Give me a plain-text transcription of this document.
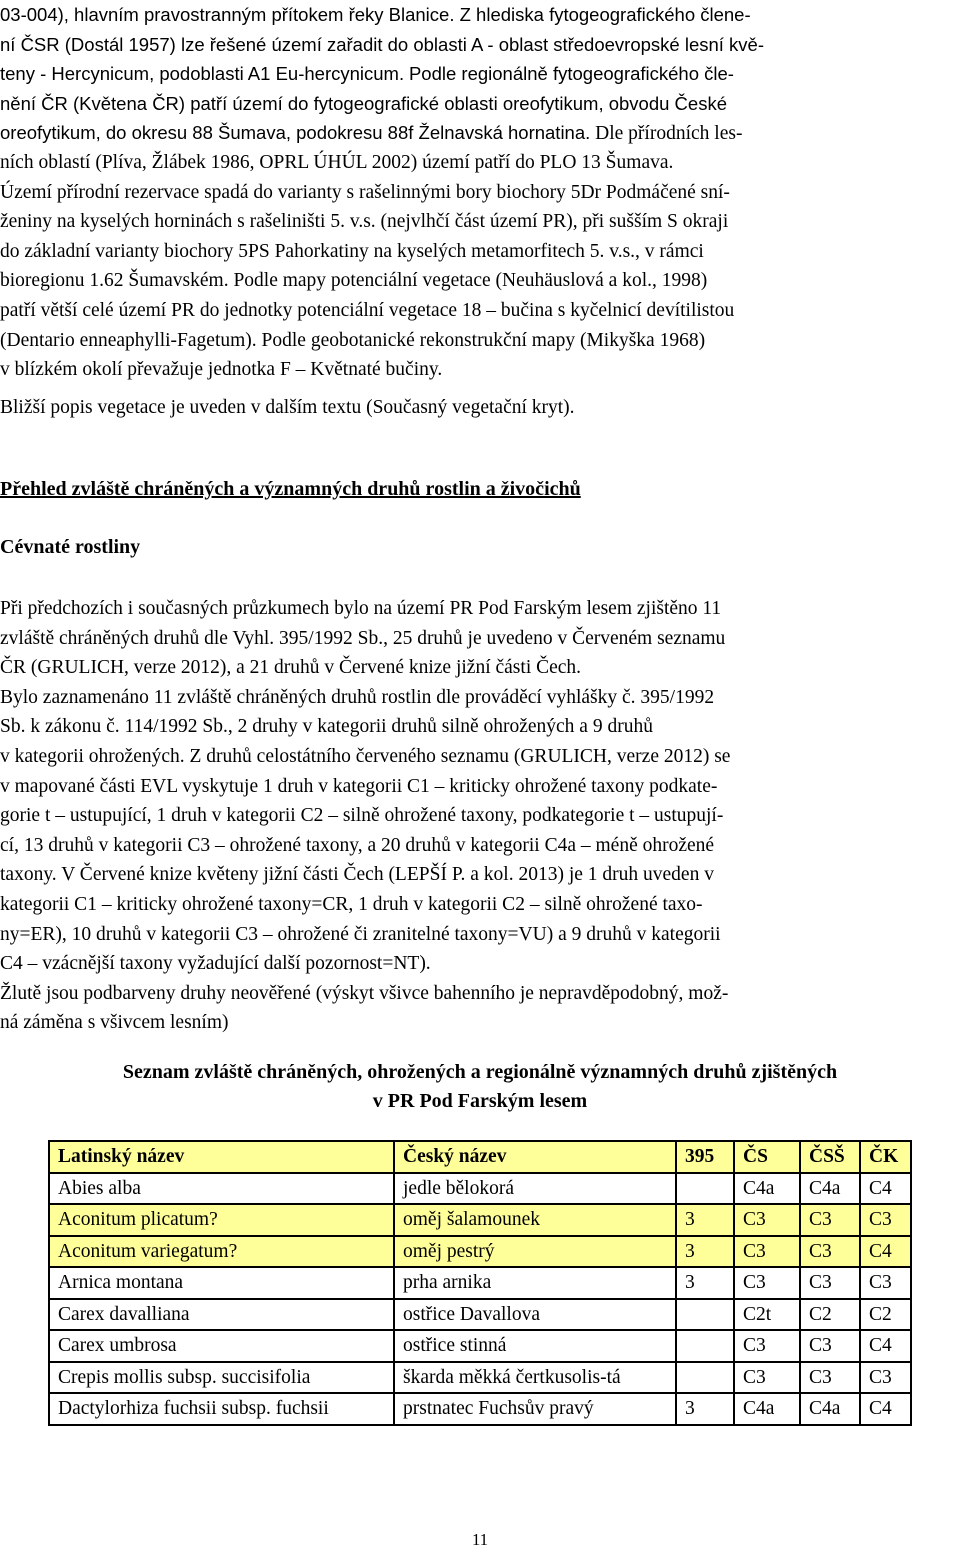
03-004), hlavním pravostranným přítokem řeky Blanice. Z hlediska fytogeografického člene-
ní ČSR (Dostál 1957) lze řešené území zařadit do oblasti A - oblast středoevropské lesní kvě-
teny - Hercynicum, podoblasti A1 Eu-hercynicum. Podle regionálně fytogeografického čle-
nění ČR (Květena ČR) patří území do fytogeografické oblasti oreofytikum, obvodu České
oreofytikum, do okresu 88 Šumava, podokresu 88f Želnavská hornatina. Dle přírodních les-
ních oblastí (Plíva, Žlábek 1986, OPRL ÚHÚL 2002) území patří do PLO 13 Šumava.
Území přírodní rezervace spadá do varianty s rašelinnými bory biochory 5Dr Podmáčené sní-
ženiny na kyselých horninách s rašeliništi 5. v.s. (nejvlhčí část území PR), při sušším S okraji
do základní varianty biochory 5PS Pahorkatiny na kyselých metamorfitech 5. v.s., v rámci
bioregionu 1.62 Šumavském. Podle mapy potenciální vegetace (Neuhäuslová a kol., 1998)
patří větší celé území PR do jednotky potenciální vegetace 18 – bučina s kyčelnicí devítilistou
(Dentario enneaphylli-Fagetum). Podle geobotanické rekonstrukční mapy (Mikyška 1968)
v blízkém okolí převažuje jednotka F – Květnaté bučiny.
Bližší popis vegetace je uveden v dalším textu (Současný vegetační kryt).
Přehled zvláště chráněných a významných druhů rostlin a živočichů
Cévnaté rostliny
Při předchozích i současných průzkumech bylo na území PR Pod Farským lesem zjištěno 11
zvláště chráněných druhů dle Vyhl. 395/1992 Sb., 25 druhů je uvedeno v Červeném seznamu
ČR (GRULICH, verze 2012), a 21 druhů v Červené knize jižní části Čech.
Bylo zaznamenáno 11 zvláště chráněných druhů rostlin dle prováděcí vyhlášky č. 395/1992
Sb. k zákonu č. 114/1992 Sb., 2 druhy v kategorii druhů silně ohrožených a 9 druhů
v kategorii ohrožených. Z druhů celostátního červeného seznamu (GRULICH, verze 2012) se
v mapované části EVL vyskytuje 1 druh v kategorii C1 – kriticky ohrožené taxony podkate-
gorie t – ustupující, 1 druh v kategorii C2 – silně ohrožené taxony, podkategorie t – ustupují-
cí, 13 druhů v kategorii C3 – ohrožené taxony, a 20 druhů v kategorii C4a – méně ohrožené
taxony. V Červené knize květeny jižní části Čech (LEPŠÍ P. a kol. 2013) je 1 druh uveden v
kategorii C1 – kriticky ohrožené taxony=CR, 1 druh v kategorii C2 – silně ohrožené taxo-
ny=ER), 10 druhů v kategorii C3 – ohrožené či zranitelné taxony=VU) a 9 druhů v kategorii
C4 – vzácnější taxony vyžadující další pozornost=NT).
Žlutě jsou podbarveny druhy neověřené (výskyt všivce bahenního je nepravděpodobný, mož-
ná záměna s všivcem lesním)
Seznam zvláště chráněných, ohrožených a regionálně významných druhů zjištěných
v PR Pod Farským lesem
Latinský název	Český název	395	ČS	ČSŠ	ČK
Abies alba	jedle bělokorá		C4a	C4a	C4
Aconitum plicatum?	oměj šalamounek	3	C3	C3	C3
Aconitum variegatum?	oměj pestrý	3	C3	C3	C4
Arnica montana	prha arnika	3	C3	C3	C3
Carex davalliana	ostřice Davallova		C2t	C2	C2
Carex umbrosa	ostřice stinná		C3	C3	C4
Crepis mollis subsp. succisifolia	škarda měkká čertkusolis-tá		C3	C3	C3
Dactylorhiza fuchsii subsp. fuchsii	prstnatec Fuchsův pravý	3	C4a	C4a	C4
11
